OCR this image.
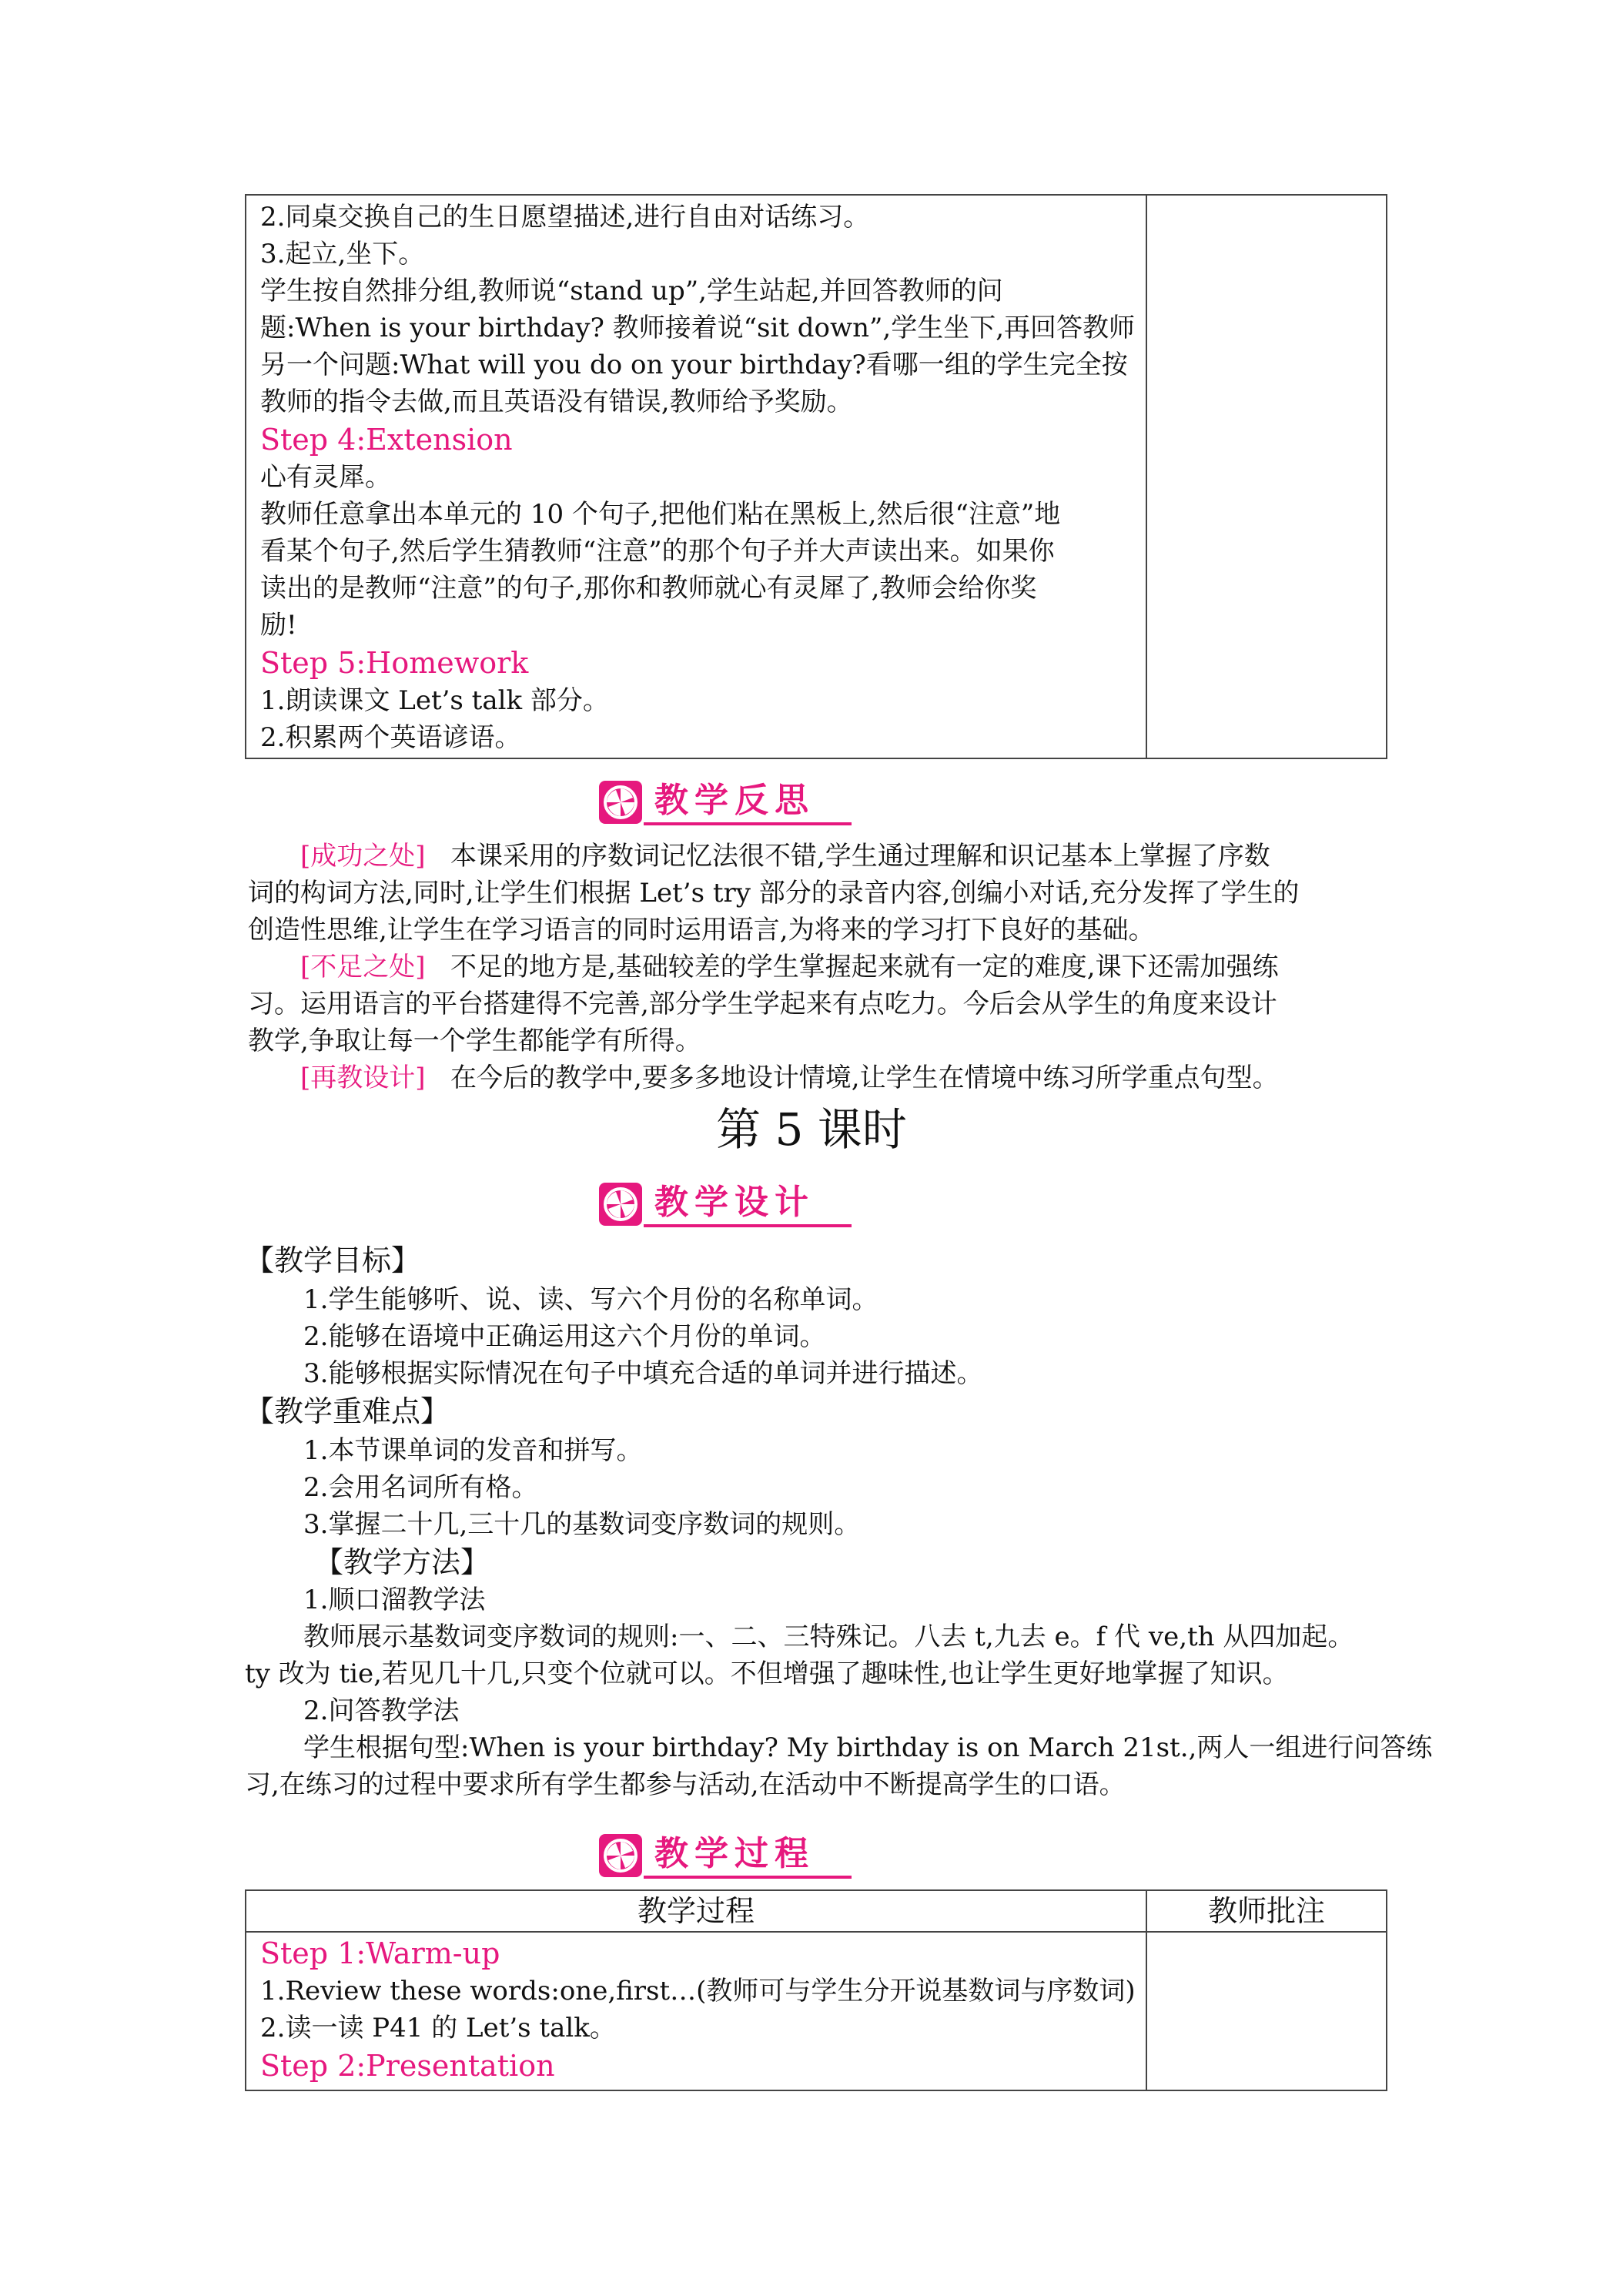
2.同桌交换自己的生日愿望描述,进行自由对话练习。
3.起立,坐下。
学生按自然排分组,教师说“stand up”,学生站起,并回答教师的问
题:When is your birthday? 教师接着说“sit down”,学生坐下,再回答教师
另一个问题:What will you do on your birthday?看哪一组的学生完全按
教师的指令去做,而且英语没有错误,教师给予奖励。
Step 4:Extension
心有灵犀。
教师任意拿出本单元的 10 个句子,把他们粘在黑板上,然后很“注意”地
看某个句子,然后学生猜教师“注意”的那个句子并大声读出来。如果你
读出的是教师“注意”的句子,那你和教师就心有灵犀了,教师会给你奖
励!
Step 5:Homework
1.朗读课文 Let’s talk 部分。
2.积累两个英语谚语。
教学反思
[成功之处] 本课采用的序数词记忆法很不错,学生通过理解和识记基本上掌握了序数
词的构词方法,同时,让学生们根据 Let’s try 部分的录音内容,创编小对话,充分发挥了学生的
创造性思维,让学生在学习语言的同时运用语言,为将来的学习打下良好的基础。
[不足之处] 不足的地方是,基础较差的学生掌握起来就有一定的难度,课下还需加强练
习。运用语言的平台搭建得不完善,部分学生学起来有点吃力。今后会从学生的角度来设计
教学,争取让每一个学生都能学有所得。
[再教设计] 在今后的教学中,要多多地设计情境,让学生在情境中练习所学重点句型。
第 5 课时
教学设计
【教学目标】
1.学生能够听、说、读、写六个月份的名称单词。
2.能够在语境中正确运用这六个月份的单词。
3.能够根据实际情况在句子中填充合适的单词并进行描述。
【教学重难点】
1.本节课单词的发音和拼写。
2.会用名词所有格。
3.掌握二十几,三十几的基数词变序数词的规则。
【教学方法】
1.顺口溜教学法
教师展示基数词变序数词的规则:一、二、三特殊记。八去 t,九去 e。f 代 ve,th 从四加起。
ty 改为 tie,若见几十几,只变个位就可以。不但增强了趣味性,也让学生更好地掌握了知识。
2.问答教学法
学生根据句型:When is your birthday? My birthday is on March 21st.,两人一组进行问答练
习,在练习的过程中要求所有学生都参与活动,在活动中不断提高学生的口语。
教学过程
教学过程	教师批注
Step 1:Warm-up
1.Review these words:one,first…(教师可与学生分开说基数词与序数词)
2.读一读 P41 的 Let’s talk。
Step 2:Presentation
